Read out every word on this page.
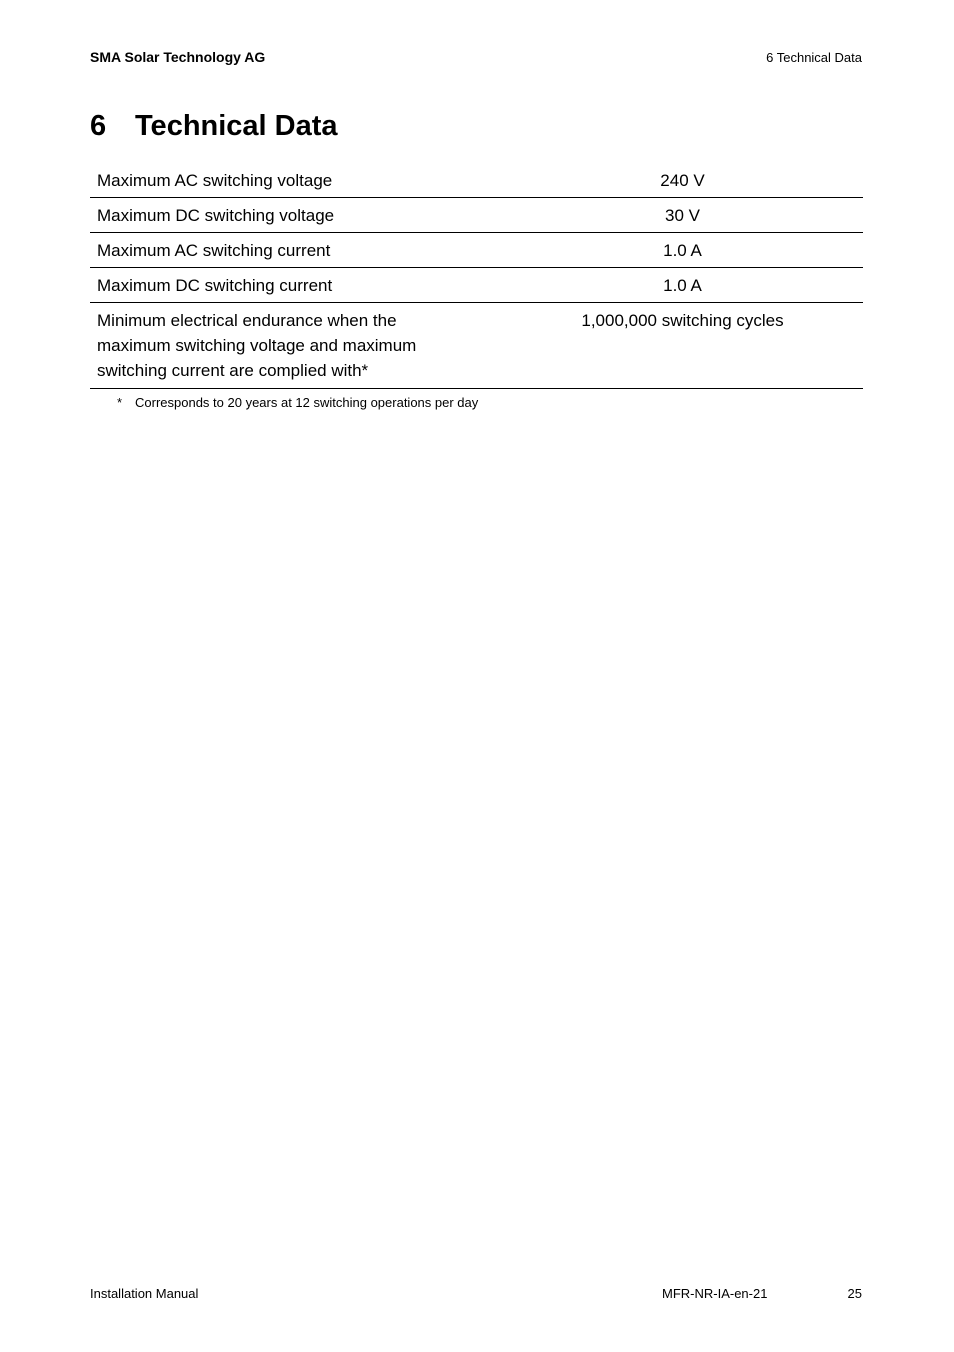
SMA Solar Technology AG	6 Technical Data
6 Technical Data
Maximum AC switching voltage	240 V
Maximum DC switching voltage	30 V
Maximum AC switching current	1.0 A
Maximum DC switching current	1.0 A

Minimum electrical endurance when the maximum switching voltage and maximum switching current are complied with*	1,000,000 switching cycles
* Corresponds to 20 years at 12 switching operations per day
Installation Manual	MFR-NR-IA-en-21	25
